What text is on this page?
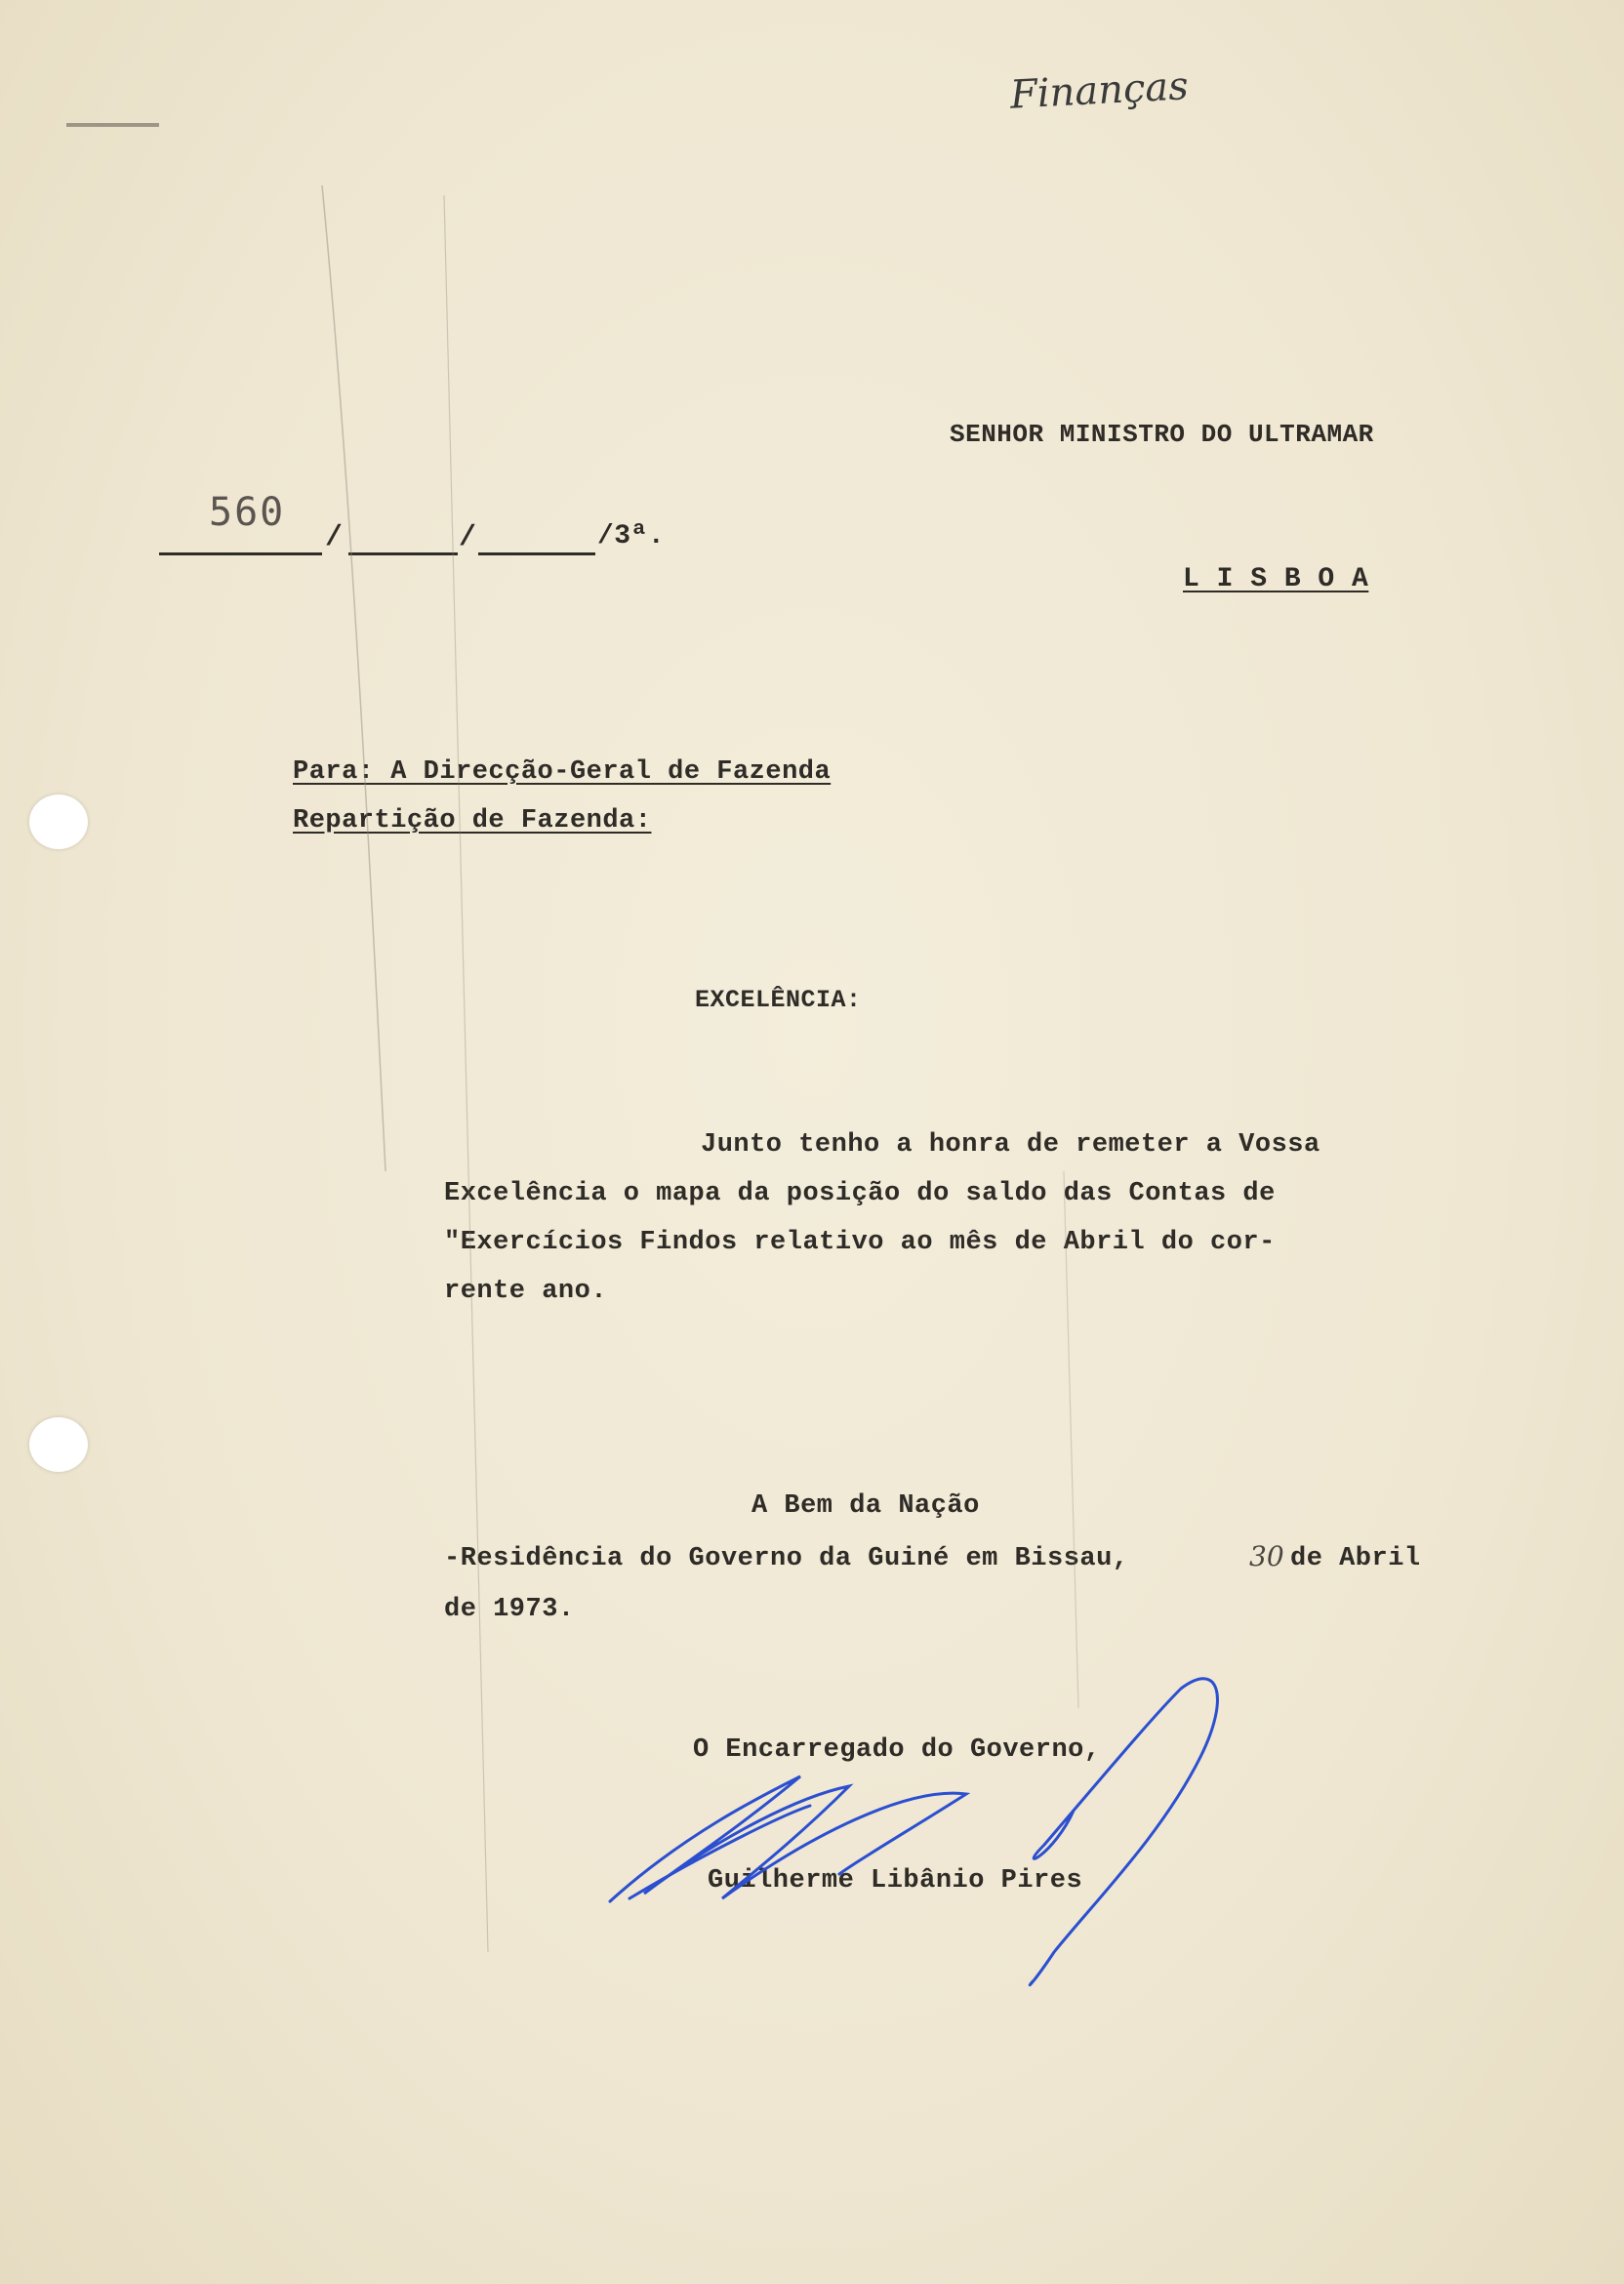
Finanças
SENHOR MINISTRO DO ULTRAMAR
L I S B O A
560
/	/	/3ª.
Para: A Direcção-Geral de Fazenda
Repartição de Fazenda:
EXCELÊNCIA:
Junto tenho a honra de remeter a Vossa
Excelência o mapa da posição do saldo das Contas de
"Exercícios Findos relativo ao mês de Abril do cor-
rente ano.
A Bem da Nação
-Residência do Governo da Guiné em Bissau,	30 de Abril
de 1973.
O Encarregado do Governo,
Guilherme Libânio Pires
